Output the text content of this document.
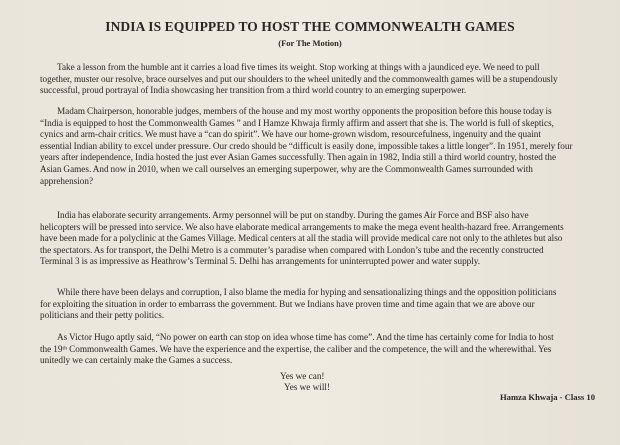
INDIA IS EQUIPPED TO HOST THE COMMONWEALTH GAMES
(For The Motion)
Take a lesson from the humble ant it carries a load five times its weight. Stop working at things with a jaundiced eye. We need to pull
together, muster our resolve, brace ourselves and put our shoulders to the wheel unitedly and the commonwealth games will be a stupendously
successful, proud portrayal of India showcasing her transition from a third world country to an emerging superpower.
Madam Chairperson, honorable judges, members of the house and my most worthy opponents the proposition before this house today is
“India is equipped to host the Commonwealth Games ” and I Hamze Khwaja firmly affirm and assert that she is. The world is full of skeptics,
cynics and arm-chair critics. We must have a “can do spirit”. We have our home-grown wisdom, resourcefulness, ingenuity and the quaint
essential Indian ability to excel under pressure. Our credo should be “difficult is easily done, impossible takes a little longer”. In 1951, merely four
years after independence, India hosted the just ever Asian Games successfully. Then again in 1982, India still a third world country, hosted the
Asian Games. And now in 2010, when we call ourselves an emerging superpower, why are the Commonwealth Games surrounded with
apprehension?
India has elaborate security arrangements. Army personnel will be put on standby. During the games Air Force and BSF also have
helicopters will be pressed into service. We also have elaborate medical arrangements to make the mega event health-hazard free. Arrangements
have been made for a polyclinic at the Games Village. Medical centers at all the stadia will provide medical care not only to the athletes but also
the spectators. As for transport, the Delhi Metro is a commuter’s paradise when compared with London’s tube and the recently constructed
Terminal 3 is as impressive as Heathrow’s Terminal 5. Delhi has arrangements for uninterrupted power and water supply.
While there have been delays and corruption, I also blame the media for hyping and sensationalizing things and the opposition politicians
for exploiting the situation in order to embarrass the government. But we Indians have proven time and time again that we are above our
politicians and their petty politics.
As Victor Hugo aptly said, “No power on earth can stop on idea whose time has come”. And the time has certainly come for India to host
the 19ᵗʰ Commonwealth Games. We have the experience and the expertise, the caliber and the competence, the will and the wherewithal. Yes
unitedly we can certainly make the Games a success.
Yes we can!
Yes we will!
Hamza Khwaja - Class 10
